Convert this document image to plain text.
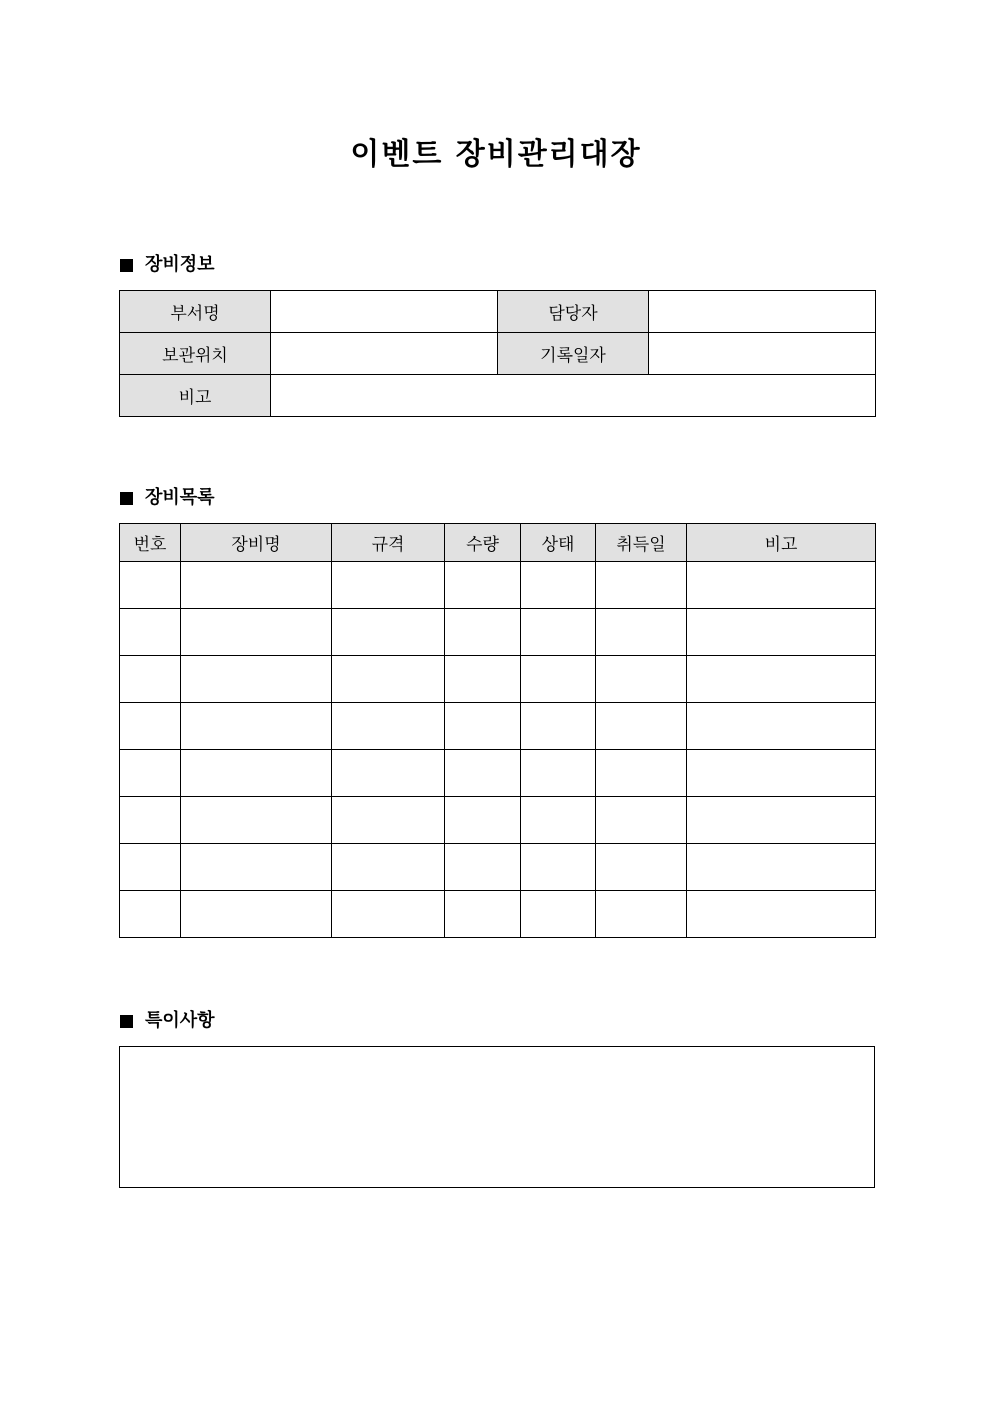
이벤트 장비관리대장
장비정보
부서명		담당자	
보관위치		기록일자	
비고			
장비목록
번호	장비명	규격	수량	상태	취득일	비고

특이사항
